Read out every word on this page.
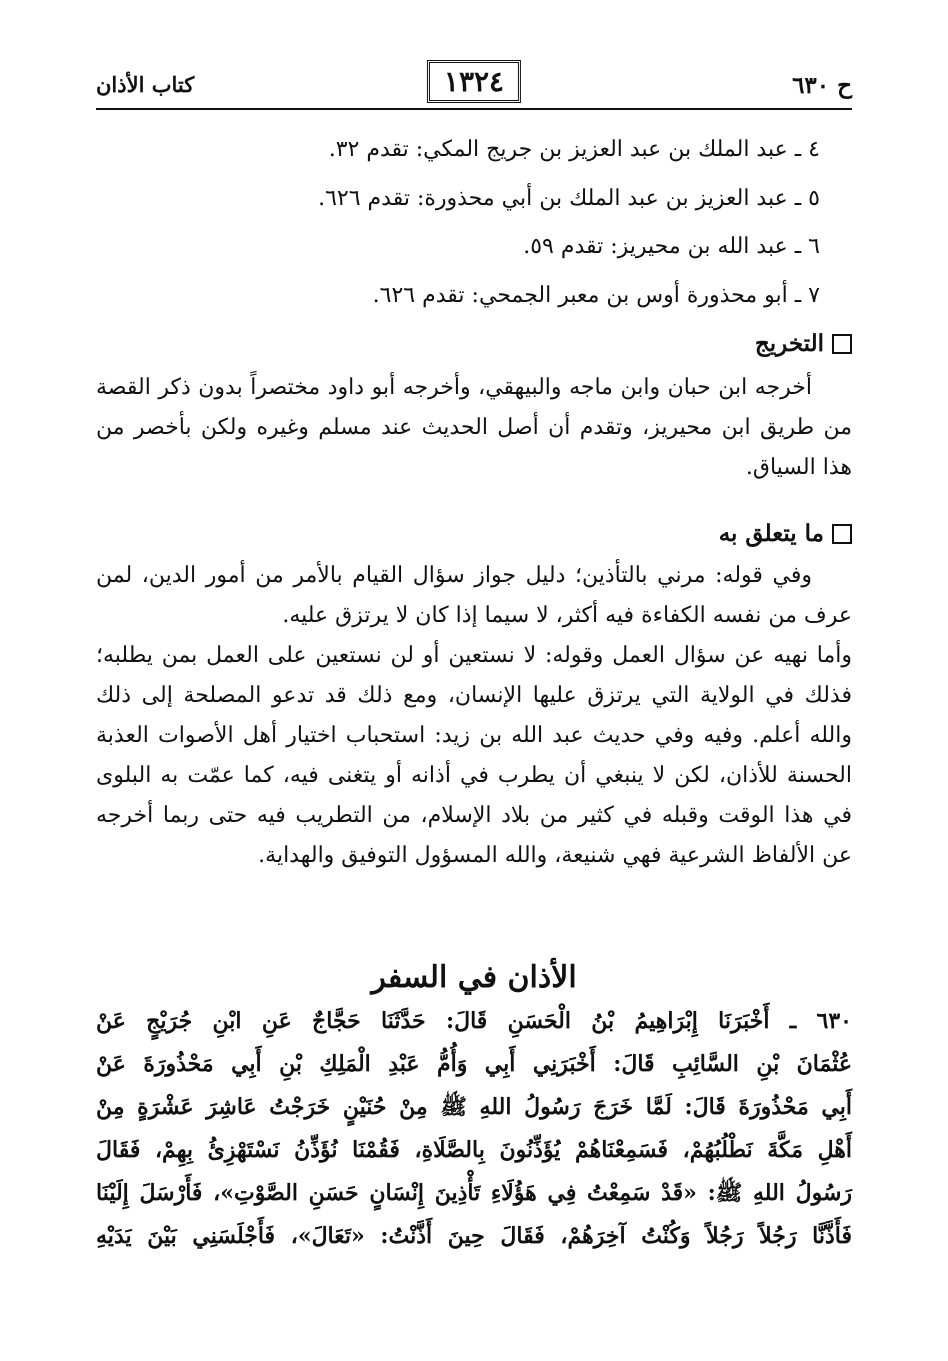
ح ٦٣٠
١٣٢٤
كتاب الأذان
٤ ـ عبد الملك بن عبد العزيز بن جريج المكي: تقدم ٣٢.
٥ ـ عبد العزيز بن عبد الملك بن أبي محذورة: تقدم ٦٢٦.
٦ ـ عبد الله بن محيريز: تقدم ٥٩.
٧ ـ أبو محذورة أوس بن معبر الجمحي: تقدم ٦٢٦.
التخريج

أخرجه ابن حبان وابن ماجه والبيهقي، وأخرجه أبو داود مختصراً بدون ذكر القصة من طريق ابن محيريز، وتقدم أن أصل الحديث عند مسلم وغيره ولكن بأخصر من هذا السياق.

ما يتعلق به

وفي قوله: مرني بالتأذين؛ دليل جواز سؤال القيام بالأمر من أمور الدين، لمن عرف من نفسه الكفاءة فيه أكثر، لا سيما إذا كان لا يرتزق عليه.

وأما نهيه عن سؤال العمل وقوله: لا نستعين أو لن نستعين على العمل بمن يطلبه؛ فذلك في الولاية التي يرتزق عليها الإنسان، ومع ذلك قد تدعو المصلحة إلى ذلك والله أعلم. وفيه وفي حديث عبد الله بن زيد: استحباب اختيار أهل الأصوات العذبة الحسنة للأذان، لكن لا ينبغي أن يطرب في أذانه أو يتغنى فيه، كما عمّت به البلوى في هذا الوقت وقبله في كثير من بلاد الإسلام، من التطريب فيه حتى ربما أخرجه عن الألفاظ الشرعية فهي شنيعة، والله المسؤول التوفيق والهداية.

الأذان في السفر

٦٣٠ ـ أَخْبَرَنَا إِبْرَاهِيمُ بْنُ الْحَسَنِ قَالَ: حَدَّثَنَا حَجَّاجٌ عَنِ ابْنِ جُرَيْجٍ عَنْ

عُثْمَانَ بْنِ السَّائِبِ قَالَ: أَخْبَرَنِي أَبِي وَأُمُّ عَبْدِ الْمَلِكِ بْنِ أَبِي مَحْذُورَةَ عَنْ

أَبِي مَحْذُورَةَ قَالَ: لَمَّا خَرَجَ رَسُولُ اللهِ ﷺ مِنْ حُنَيْنٍ خَرَجْتُ عَاشِرَ عَشْرَةٍ مِنْ

أَهْلِ مَكَّةَ نَطْلُبُهُمْ، فَسَمِعْنَاهُمْ يُؤَذِّنُونَ بِالصَّلَاةِ، فَقُمْنَا نُؤَذِّنُ نَسْتَهْزِئُ بِهِمْ، فَقَالَ

رَسُولُ اللهِ ﷺ: «قَدْ سَمِعْتُ فِي هَؤُلَاءِ تَأْذِينَ إِنْسَانٍ حَسَنِ الصَّوْتِ»، فَأَرْسَلَ إِلَيْنَا

فَأَذَّنَّا رَجُلاً رَجُلاً وَكُنْتُ آخِرَهُمْ، فَقَالَ حِينَ أَذَّنْتُ: «تَعَالَ»، فَأَجْلَسَنِي بَيْنَ يَدَيْهِ
